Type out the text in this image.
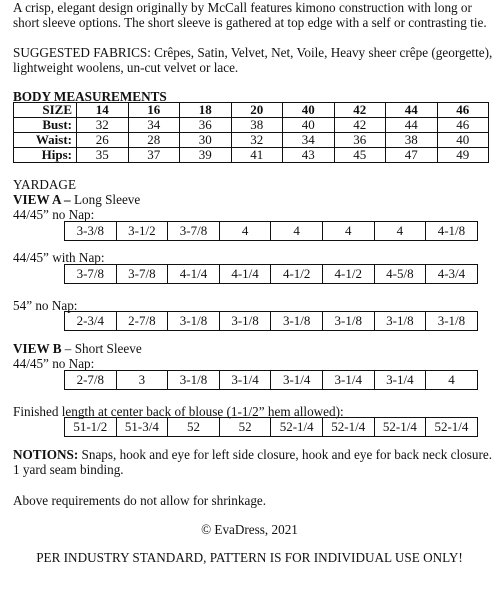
A crisp, elegant design originally by McCall features kimono construction with long or short sleeve options. The short sleeve is gathered at top edge with a self or contrasting tie.

SUGGESTED FABRICS: Crêpes, Satin, Velvet, Net, Voile, Heavy sheer crêpe (georgette), lightweight woolens, un-cut velvet or lace.

BODY MEASUREMENTS

SIZE	14	16	18	20	40	42	44	46
Bust:	32	34	36	38	40	42	44	46
Waist:	26	28	30	32	34	36	38	40
Hips:	35	37	39	41	43	45	47	49

YARDAGE

VIEW A – Long Sleeve

44/45” no Nap:

3-3/8	3-1/2	3-7/8	4	4	4	4	4-1/8

44/45” with Nap:

3-7/8	3-7/8	4-1/4	4-1/4	4-1/2	4-1/2	4-5/8	4-3/4

54” no Nap:

2-3/4	2-7/8	3-1/8	3-1/8	3-1/8	3-1/8	3-1/8	3-1/8

VIEW B – Short Sleeve

44/45” no Nap:

2-7/8	3	3-1/8	3-1/4	3-1/4	3-1/4	3-1/4	4

Finished length at center back of blouse (1-1/2” hem allowed):

51-1/2	51-3/4	52	52	52-1/4	52-1/4	52-1/4	52-1/4

NOTIONS: Snaps, hook and eye for left side closure, hook and eye for back neck closure. 1 yard seam binding.

Above requirements do not allow for shrinkage.

© EvaDress, 2021

PER INDUSTRY STANDARD, PATTERN IS FOR INDIVIDUAL USE ONLY!
